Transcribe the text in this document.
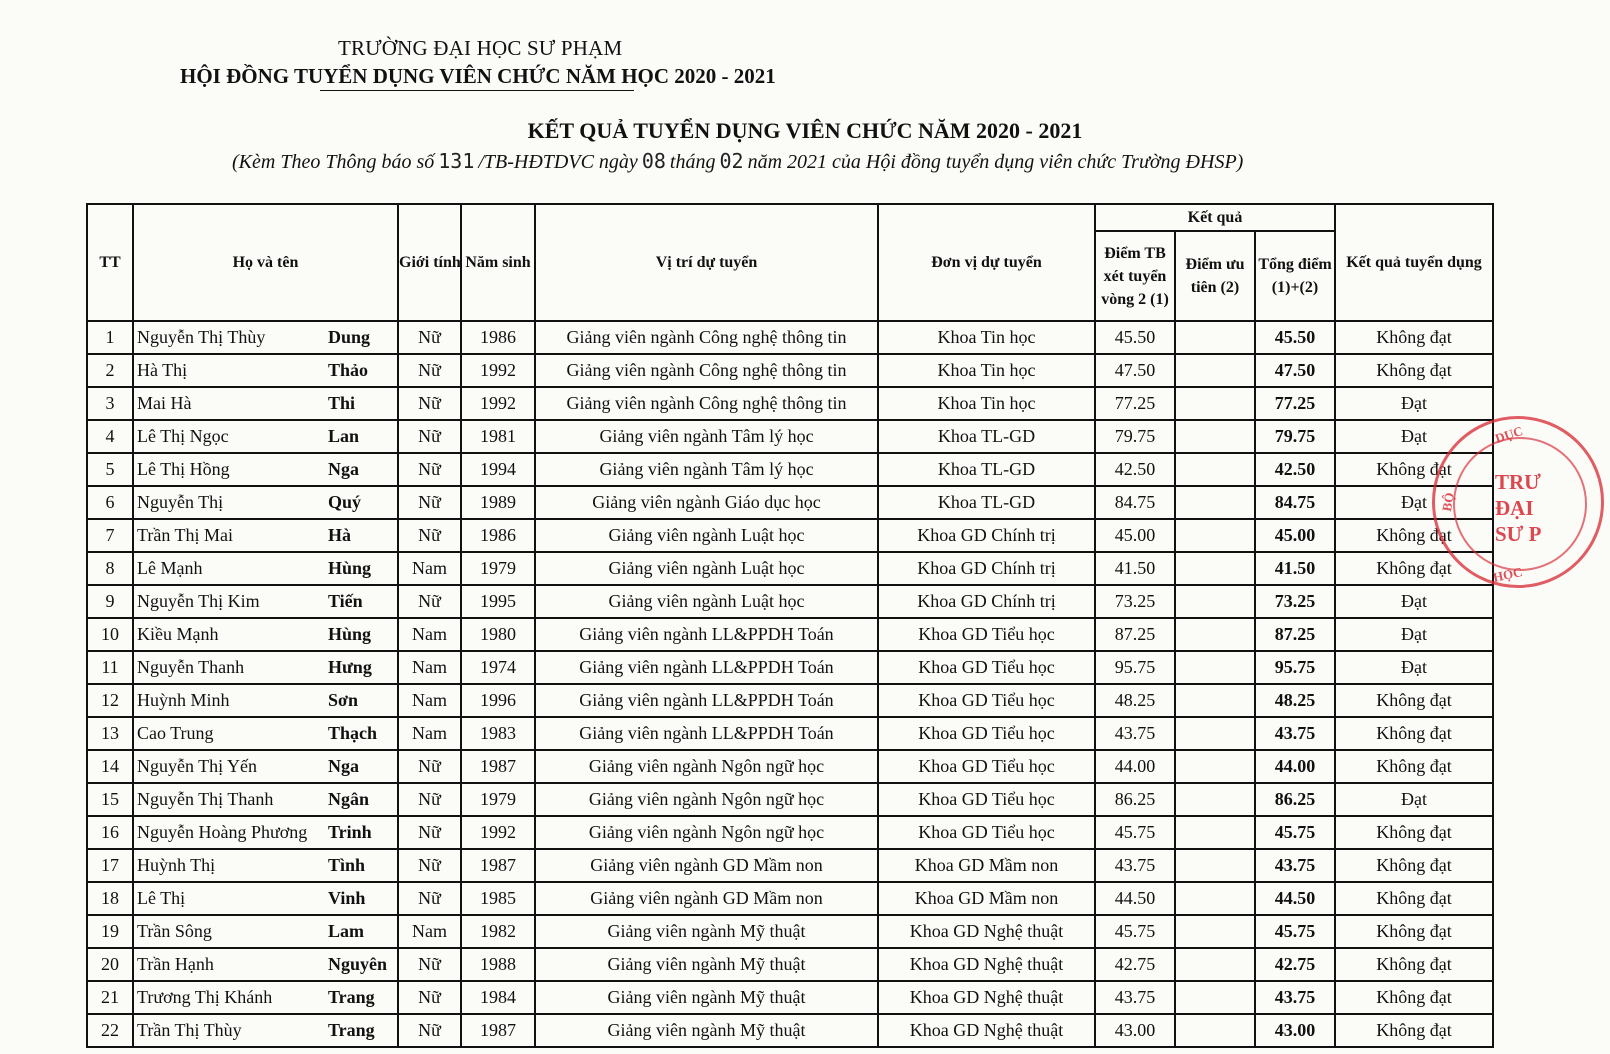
TRƯỜNG ĐẠI HỌC SƯ PHẠM
HỘI ĐỒNG TUYỂN DỤNG VIÊN CHỨC NĂM HỌC 2020 - 2021
KẾT QUẢ TUYỂN DỤNG VIÊN CHỨC NĂM 2020 - 2021
(Kèm Theo Thông báo số 131 /TB-HĐTDVC ngày 08 tháng 02 năm 2021 của Hội đồng tuyển dụng viên chức Trường ĐHSP)
TT	Họ và tên		Giới tính	Năm sinh	Vị trí dự tuyển	Đơn vị dự tuyển	Kết quả			Kết quả tuyển dụng
							Điểm TB xét tuyển vòng 2 (1)	Điểm ưu tiên (2)	Tổng điểm (1)+(2)	
1	Nguyễn Thị Thùy	Dung	Nữ	1986	Giảng viên ngành Công nghệ thông tin	Khoa Tin học	45.50		45.50	Không đạt
2	Hà Thị	Thảo	Nữ	1992	Giảng viên ngành Công nghệ thông tin	Khoa Tin học	47.50		47.50	Không đạt
3	Mai Hà	Thi	Nữ	1992	Giảng viên ngành Công nghệ thông tin	Khoa Tin học	77.25		77.25	Đạt
4	Lê Thị Ngọc	Lan	Nữ	1981	Giảng viên ngành Tâm lý học	Khoa TL-GD	79.75		79.75	Đạt
5	Lê Thị Hồng	Nga	Nữ	1994	Giảng viên ngành Tâm lý học	Khoa TL-GD	42.50		42.50	Không đạt
6	Nguyễn Thị	Quý	Nữ	1989	Giảng viên ngành Giáo dục học	Khoa TL-GD	84.75		84.75	Đạt
7	Trần Thị Mai	Hà	Nữ	1986	Giảng viên ngành Luật học	Khoa GD Chính trị	45.00		45.00	Không đạt
8	Lê Mạnh	Hùng	Nam	1979	Giảng viên ngành Luật học	Khoa GD Chính trị	41.50		41.50	Không đạt
9	Nguyễn Thị Kim	Tiến	Nữ	1995	Giảng viên ngành Luật học	Khoa GD Chính trị	73.25		73.25	Đạt
10	Kiều Mạnh	Hùng	Nam	1980	Giảng viên ngành LL&PPDH Toán	Khoa GD Tiểu học	87.25		87.25	Đạt
11	Nguyễn Thanh	Hưng	Nam	1974	Giảng viên ngành LL&PPDH Toán	Khoa GD Tiểu học	95.75		95.75	Đạt
12	Huỳnh Minh	Sơn	Nam	1996	Giảng viên ngành LL&PPDH Toán	Khoa GD Tiểu học	48.25		48.25	Không đạt
13	Cao Trung	Thạch	Nam	1983	Giảng viên ngành LL&PPDH Toán	Khoa GD Tiểu học	43.75		43.75	Không đạt
14	Nguyễn Thị Yến	Nga	Nữ	1987	Giảng viên ngành Ngôn ngữ học	Khoa GD Tiểu học	44.00		44.00	Không đạt
15	Nguyễn Thị Thanh	Ngân	Nữ	1979	Giảng viên ngành Ngôn ngữ học	Khoa GD Tiểu học	86.25		86.25	Đạt
16	Nguyễn Hoàng Phương	Trinh	Nữ	1992	Giảng viên ngành Ngôn ngữ học	Khoa GD Tiểu học	45.75		45.75	Không đạt
17	Huỳnh Thị	Tình	Nữ	1987	Giảng viên ngành GD Mầm non	Khoa GD Mầm non	43.75		43.75	Không đạt
18	Lê Thị	Vinh	Nữ	1985	Giảng viên ngành GD Mầm non	Khoa GD Mầm non	44.50		44.50	Không đạt
19	Trần Sông	Lam	Nam	1982	Giảng viên ngành Mỹ thuật	Khoa GD Nghệ thuật	45.75		45.75	Không đạt
20	Trần Hạnh	Nguyên	Nữ	1988	Giảng viên ngành Mỹ thuật	Khoa GD Nghệ thuật	42.75		42.75	Không đạt
21	Trương Thị Khánh	Trang	Nữ	1984	Giảng viên ngành Mỹ thuật	Khoa GD Nghệ thuật	43.75		43.75	Không đạt
22	Trần Thị Thùy	Trang	Nữ	1987	Giảng viên ngành Mỹ thuật	Khoa GD Nghệ thuật	43.00		43.00	Không đạt
DỤC
BỘ
HỌC
TRƯ
ĐẠI
SƯ P
